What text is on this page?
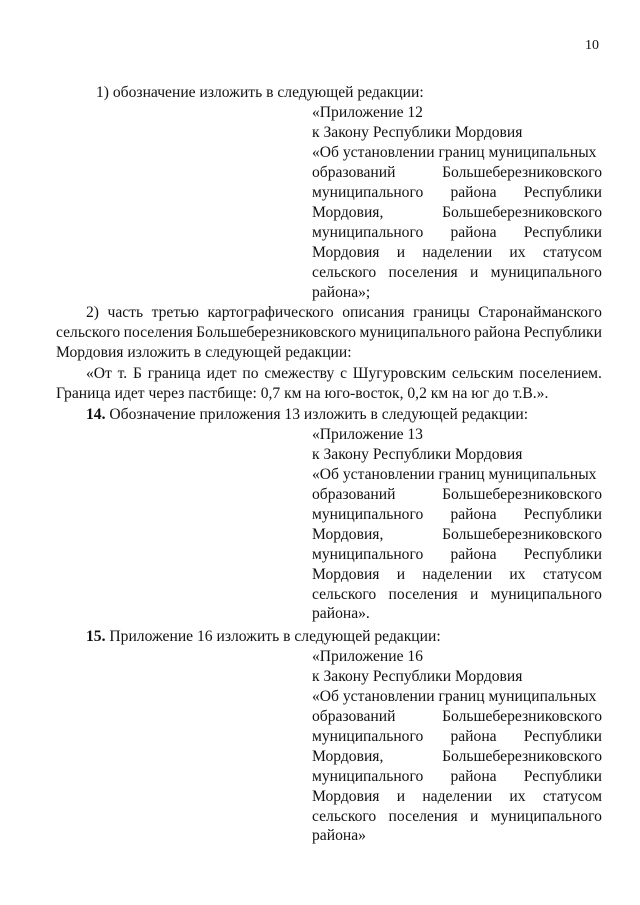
10
1) обозначение изложить в следующей редакции:
«Приложение 12
к Закону Республики Мордовия
«Об установлении границ муниципальных
образований	Большеберезниковского
муниципального района Республики
Мордовия,	Большеберезниковского
муниципального района Республики
Мордовия и наделении их статусом
сельского поселения и муниципального
района»;
2) часть третью картографического описания границы Старонайманского
сельского поселения Большеберезниковского муниципального района Республики
Мордовия изложить в следующей редакции:
«От т. Б граница идет по смежеству с Шугуровским сельским поселением.
Граница идет через пастбище: 0,7 км на юго-восток, 0,2 км на юг до т.В.».
14. Обозначение приложения 13 изложить в следующей редакции:
«Приложение 13
к Закону Республики Мордовия
«Об установлении границ муниципальных
образований	Большеберезниковского
муниципального района Республики
Мордовия,	Большеберезниковского
муниципального района Республики
Мордовия и наделении их статусом
сельского поселения и муниципального
района».
15. Приложение 16 изложить в следующей редакции:
«Приложение 16
к Закону Республики Мордовия
«Об установлении границ муниципальных
образований	Большеберезниковского
муниципального района Республики
Мордовия,	Большеберезниковского
муниципального района Республики
Мордовия и наделении их статусом
сельского поселения и муниципального
района»
